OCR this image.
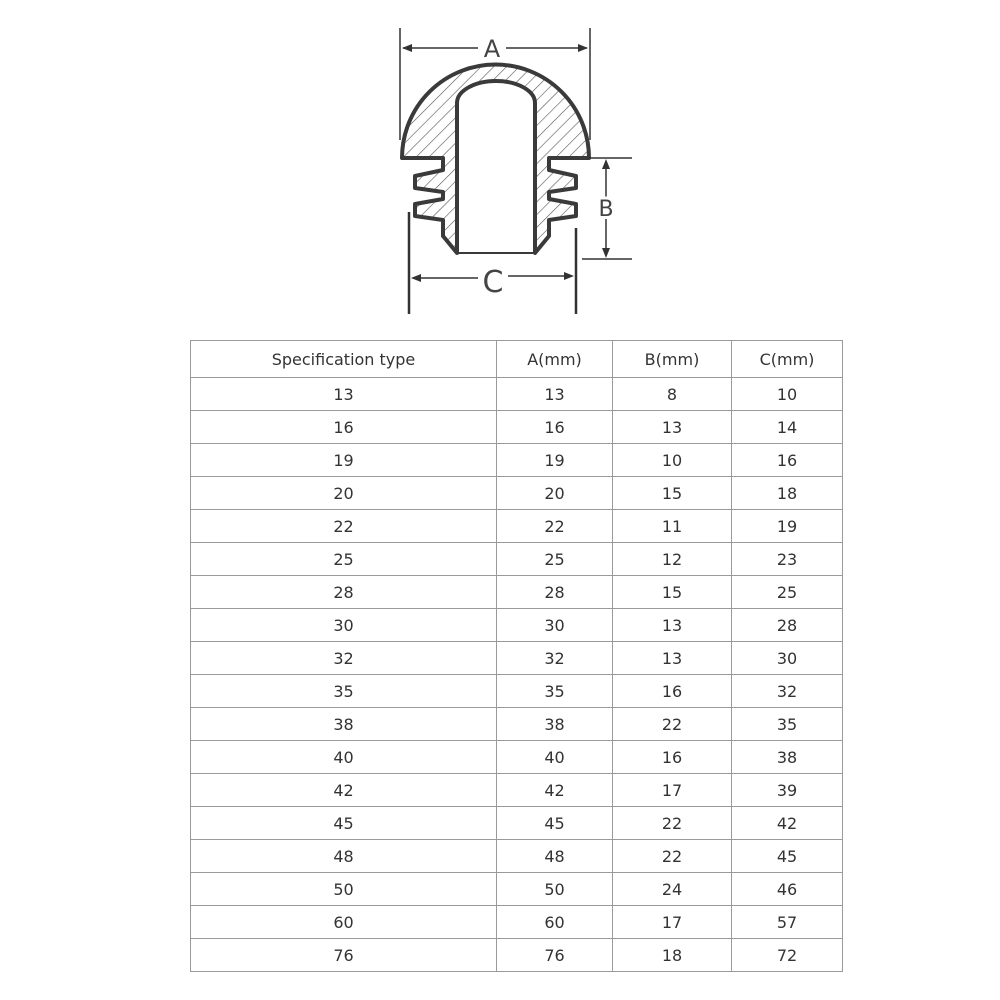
A
B
C
Specification type	A(mm)	B(mm)	C(mm)
13	13	8	10
16	16	13	14
19	19	10	16
20	20	15	18
22	22	11	19
25	25	12	23
28	28	15	25
30	30	13	28
32	32	13	30
35	35	16	32
38	38	22	35
40	40	16	38
42	42	17	39
45	45	22	42
48	48	22	45
50	50	24	46
60	60	17	57
76	76	18	72
